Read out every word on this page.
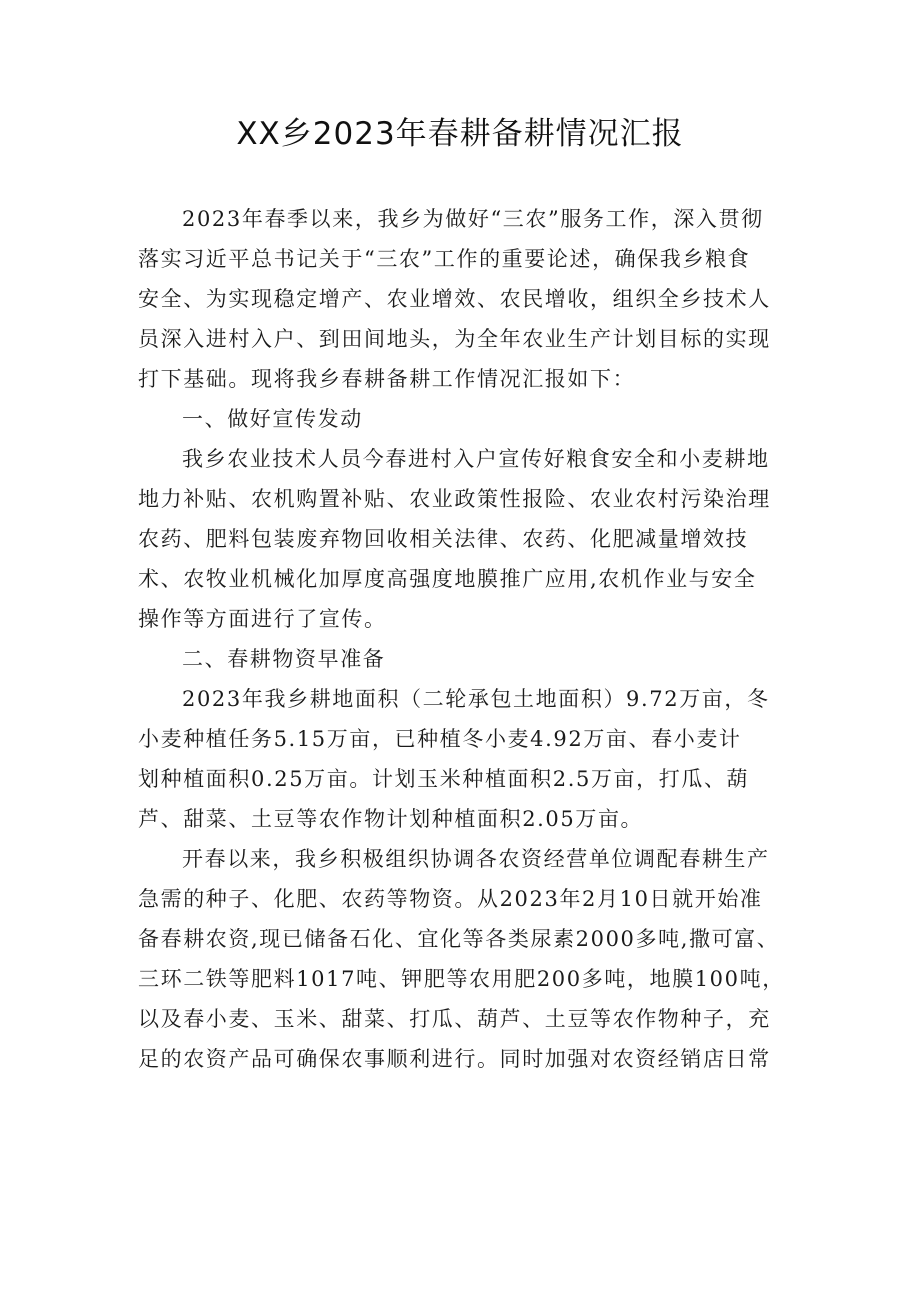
XX乡2023年春耕备耕情况汇报
2023年春季以来，我乡为做好“三农”服务工作，深入贯彻
落实习近平总书记关于“三农”工作的重要论述，确保我乡粮食
安全、为实现稳定增产、农业增效、农民增收，组织全乡技术人
员深入进村入户、到田间地头，为全年农业生产计划目标的实现
打下基础。现将我乡春耕备耕工作情况汇报如下：
一、做好宣传发动
我乡农业技术人员今春进村入户宣传好粮食安全和小麦耕地
地力补贴、农机购置补贴、农业政策性报险、农业农村污染治理
农药、肥料包装废弃物回收相关法律、农药、化肥减量增效技
术、农牧业机械化加厚度高强度地膜推广应用,农机作业与安全
操作等方面进行了宣传。
二、春耕物资早准备
2023年我乡耕地面积（二轮承包土地面积）9.72万亩，冬
小麦种植任务5.15万亩，已种植冬小麦4.92万亩、春小麦计
划种植面积0.25万亩。计划玉米种植面积2.5万亩，打瓜、葫
芦、甜菜、土豆等农作物计划种植面积2.05万亩。
开春以来，我乡积极组织协调各农资经营单位调配春耕生产
急需的种子、化肥、农药等物资。从2023年2月10日就开始准
备春耕农资,现已储备石化、宜化等各类尿素2000多吨,撒可富、
三环二铁等肥料1017吨、钾肥等农用肥200多吨，地膜100吨，
以及春小麦、玉米、甜菜、打瓜、葫芦、土豆等农作物种子，充
足的农资产品可确保农事顺利进行。同时加强对农资经销店日常
